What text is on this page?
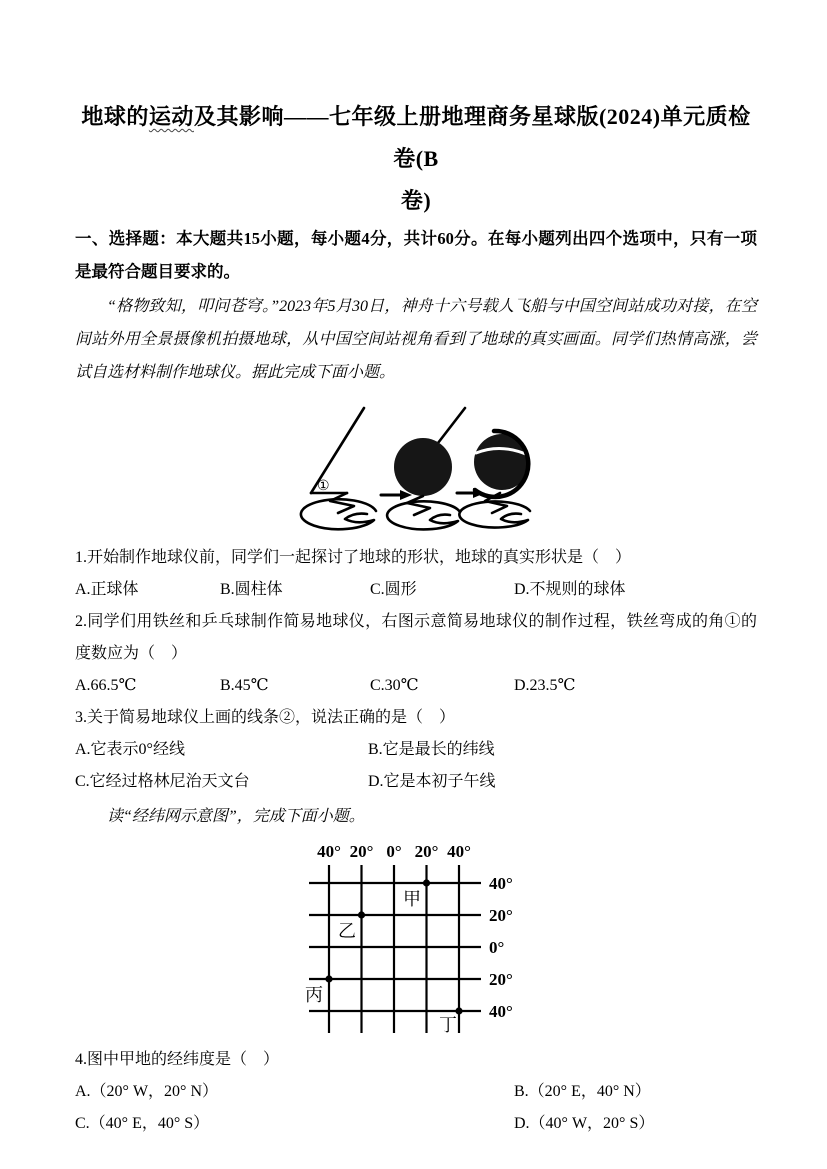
地球的运动及其影响——七年级上册地理商务星球版(2024)单元质检卷(B
卷)
一、选择题：本大题共15小题，每小题4分，共计60分。在每小题列出四个选项中，只有一项是最符合题目要求的。

“格物致知，叩问苍穹。”2023年5月30日，神舟十六号载人飞船与中国空间站成功对接，在空间站外用全景摄像机拍摄地球，从中国空间站视角看到了地球的真实画面。同学们热情高涨，尝试自选材料制作地球仪。据此完成下面小题。

①
1.开始制作地球仪前，同学们一起探讨了地球的形状，地球的真实形状是（　）
A.正球体	B.圆柱体	C.圆形	D.不规则的球体
2.同学们用铁丝和乒乓球制作简易地球仪，右图示意简易地球仪的制作过程，铁丝弯成的角①的度数应为（　）
A.66.5℃	B.45℃	C.30℃	D.23.5℃
3.关于简易地球仪上画的线条②，说法正确的是（　）
A.它表示0°经线	B.它是最长的纬线
C.它经过格林尼治天文台	D.它是本初子午线

读“经纬网示意图”，完成下面小题。

40° 20° 0° 20° 40°
40°
20°
0°
20°
40°
甲
乙
丙
丁
4.图中甲地的经纬度是（　）
A.（20° W，20° N）	B.（20° E，40° N）
C.（40° E，40° S）	D.（40° W，20° S）
